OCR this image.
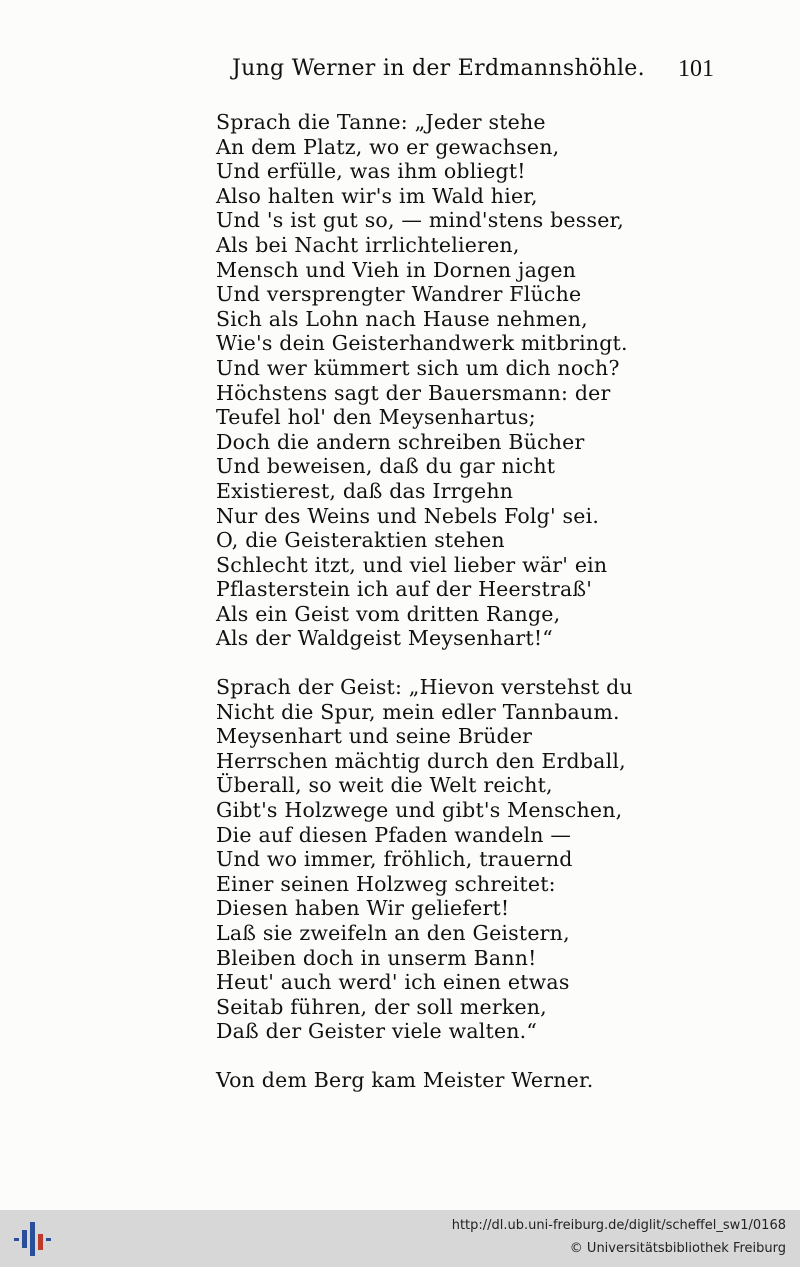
Jung Werner in der Erdmannshöhle. 101
Sprach die Tanne: „Jeder stehe
An dem Platz, wo er gewachsen,
Und erfülle, was ihm obliegt!
Also halten wir's im Wald hier,
Und 's ist gut so, — mind'stens besser,
Als bei Nacht irrlichtelieren,
Mensch und Vieh in Dornen jagen
Und versprengter Wandrer Flüche
Sich als Lohn nach Hause nehmen,
Wie's dein Geisterhandwerk mitbringt.
Und wer kümmert sich um dich noch?
Höchstens sagt der Bauersmann: der
Teufel hol' den Meysenhartus;
Doch die andern schreiben Bücher
Und beweisen, daß du gar nicht
Existierest, daß das Irrgehn
Nur des Weins und Nebels Folg' sei.
O, die Geisteraktien stehen
Schlecht itzt, und viel lieber wär' ein
Pflasterstein ich auf der Heerstraß'
Als ein Geist vom dritten Range,
Als der Waldgeist Meysenhart!“
Sprach der Geist: „Hievon verstehst du
Nicht die Spur, mein edler Tannbaum.
Meysenhart und seine Brüder
Herrschen mächtig durch den Erdball,
Überall, so weit die Welt reicht,
Gibt's Holzwege und gibt's Menschen,
Die auf diesen Pfaden wandeln —
Und wo immer, fröhlich, trauernd
Einer seinen Holzweg schreitet:
Diesen haben Wir geliefert!
Laß sie zweifeln an den Geistern,
Bleiben doch in unserm Bann!
Heut' auch werd' ich einen etwas
Seitab führen, der soll merken,
Daß der Geister viele walten.“
Von dem Berg kam Meister Werner.
http://dl.ub.uni-freiburg.de/diglit/scheffel_sw1/0168
© Universitätsbibliothek Freiburg
